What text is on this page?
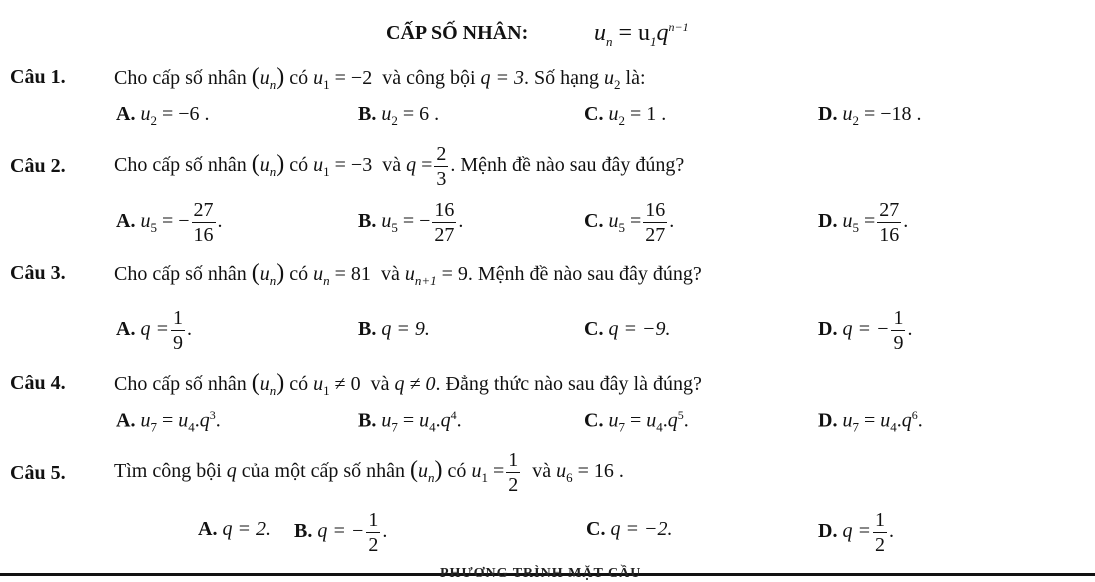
CẤP SỐ NHÂN:	$u_n = u_1q^{n-1}$
Câu 1. Cho cấp số nhân $(u_n)$ có $u_1 = -2$ và công bội q = 3. Số hạng $u_2$ là:
A. $u_2 = -6$ .	B. $u_2 = 6$ .	C. $u_2 = 1$ .	D. $u_2 = -18$ .
Câu 2. Cho cấp số nhân $(u_n)$ có $u_1 = -3$ và $q = \frac{2}{3}$ . Mệnh đề nào sau đây đúng?
A. $u_5$ = − $\frac{27}{16}$ .	B. $u_5$ = − $\frac{16}{27}$ .	C. $u_5 = \frac{16}{27}$ .	D. $u_5 = \frac{27}{16}$ .
Câu 3. Cho cấp số nhân $(u_n)$ có $u_n = 81$ và $u_{n+1} = 9$. Mệnh đề nào sau đây đúng?
A. $q = \frac{1}{9}$ .	B. q = 9.	C. q = −9.	D. q = − $\frac{1}{9}$ .
Câu 4. Cho cấp số nhân $(u_n)$ có $u_1 \ne 0$ và q ≠ 0. Đẳng thức nào sau đây là đúng?
A. $u_7 = u_4.q^3$.	B. $u_7 = u_4.q^4$.	C. $u_7 = u_4.q^5$.	D. $u_7 = u_4.q^6$.
Câu 5. Tìm công bội q của một cấp số nhân $(u_n)$ có $u_1 = \frac{1}{2}$ và $u_6 = 16$ .
A. q = 2. B. q = − $\frac{1}{2}$ .	C. q = −2.	D. $q = \frac{1}{2}$ .
PHƯƠNG TRÌNH MẶT CẦU
